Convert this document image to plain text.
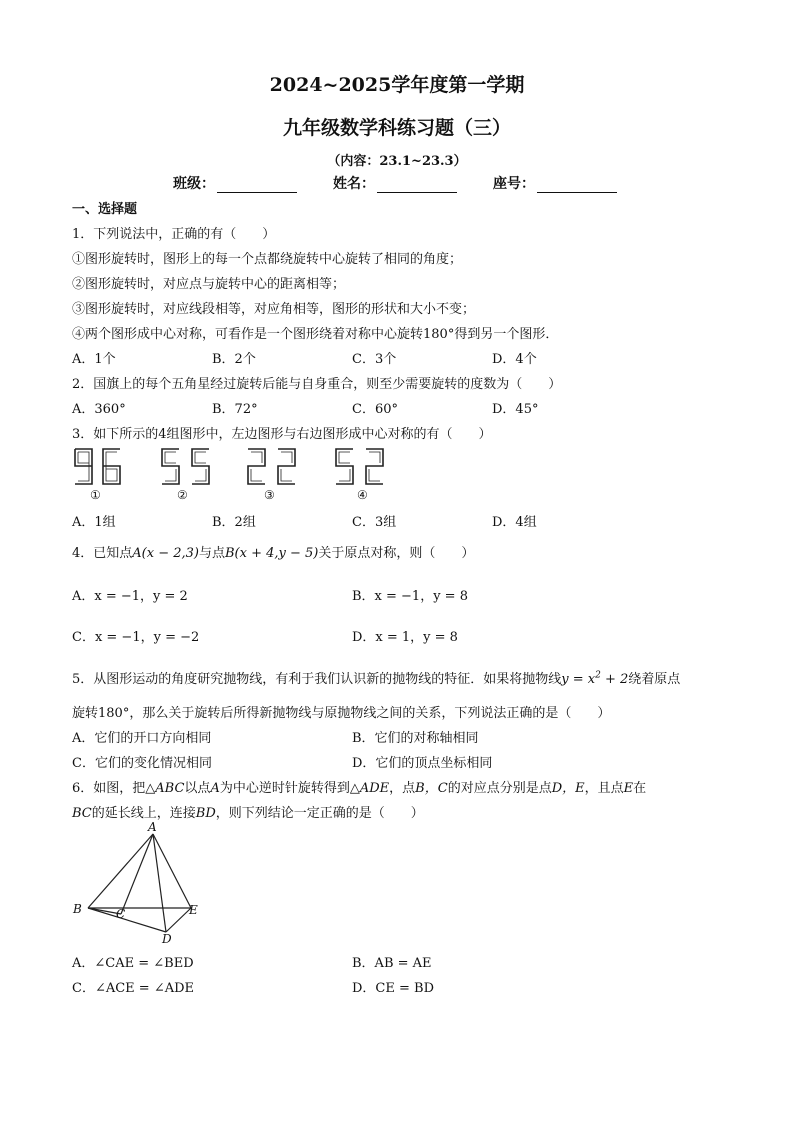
2024~2025学年度第一学期
九年级数学科练习题（三）
（内容：23.1~23.3）
班级：	姓名：	座号：
一、选择题
1．下列说法中，正确的有（　　）
①图形旋转时，图形上的每一个点都绕旋转中心旋转了相同的角度；
②图形旋转时，对应点与旋转中心的距离相等；
③图形旋转时，对应线段相等，对应角相等，图形的形状和大小不变；
④两个图形成中心对称，可看作是一个图形绕着对称中心旋转180°得到另一个图形．
A．1个	B．2个	C．3个	D．4个
2．国旗上的每个五角星经过旋转后能与自身重合，则至少需要旋转的度数为（　　）
A．360°	B．72°	C．60°	D．45°
3．如下所示的4组图形中，左边图形与右边图形成中心对称的有（　　）
①	②	③	④
A．1组	B．2组	C．3组	D．4组
4．已知点A(x − 2,3)与点B(x + 4,y − 5)关于原点对称，则（　　）
A．x = −1，y = 2	B．x = −1，y = 8
C．x = −1，y = −2	D．x = 1，y = 8
5．从图形运动的角度研究抛物线，有利于我们认识新的抛物线的特征．如果将抛物线$y = x^2 + 2$绕着原点
旋转180°，那么关于旋转后所得新抛物线与原抛物线之间的关系，下列说法正确的是（　　）
A．它们的开口方向相同	B．它们的对称轴相同
C．它们的变化情况相同	D．它们的顶点坐标相同
6．如图，把△ABC以点A为中心逆时针旋转得到△ADE，点B，C的对应点分别是点D，E，且点E在
BC的延长线上，连接BD，则下列结论一定正确的是（　　）
A
B	C
D
E
A．∠CAE = ∠BED	B．AB = AE
C．∠ACE = ∠ADE	D．CE = BD
